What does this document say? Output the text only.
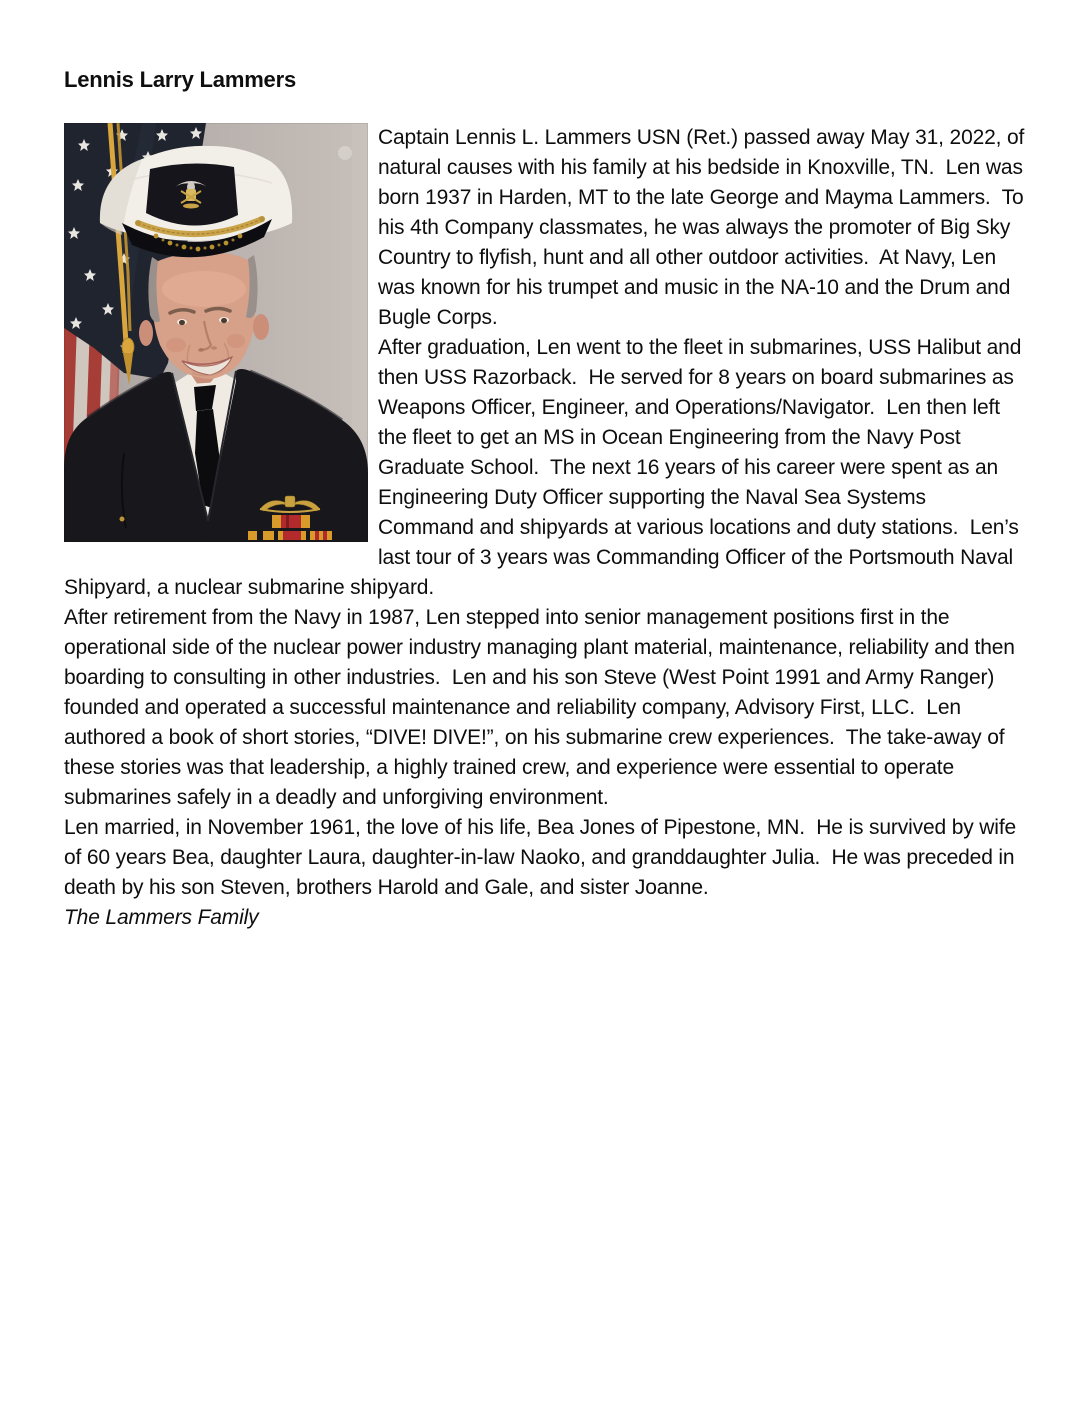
Lennis Larry Lammers

Captain Lennis L. Lammers USN (Ret.) passed away May 31, 2022, of natural causes with his family at his bedside in Knoxville, TN.  Len was born 1937 in Harden, MT to the late George and Mayma Lammers.  To his 4th Company classmates, he was always the promoter of Big Sky Country to flyfish, hunt and all other outdoor activities.  At Navy, Len was known for his trumpet and music in the NA-10 and the Drum and Bugle Corps.

After graduation, Len went to the fleet in submarines, USS Halibut and then USS Razorback.  He served for 8 years on board submarines as Weapons Officer, Engineer, and Operations/Navigator.  Len then left the fleet to get an MS in Ocean Engineering from the Navy Post Graduate School.  The next 16 years of his career were spent as an Engineering Duty Officer supporting the Naval Sea Systems Command and shipyards at various locations and duty stations.  Len’s last tour of 3 years was Commanding Officer of the Portsmouth Naval Shipyard, a nuclear submarine shipyard.

After retirement from the Navy in 1987, Len stepped into senior management positions first in the operational side of the nuclear power industry managing plant material, maintenance, reliability and then boarding to consulting in other industries.  Len and his son Steve (West Point 1991 and Army Ranger) founded and operated a successful maintenance and reliability company, Advisory First, LLC.  Len authored a book of short stories, “DIVE! DIVE!”, on his submarine crew experiences.  The take-away of these stories was that leadership, a highly trained crew, and experience were essential to operate submarines safely in a deadly and unforgiving environment.

Len married, in November 1961, the love of his life, Bea Jones of Pipestone, MN.  He is survived by wife of 60 years Bea, daughter Laura, daughter-in-law Naoko, and granddaughter Julia.  He was preceded in death by his son Steven, brothers Harold and Gale, and sister Joanne.

The Lammers Family
